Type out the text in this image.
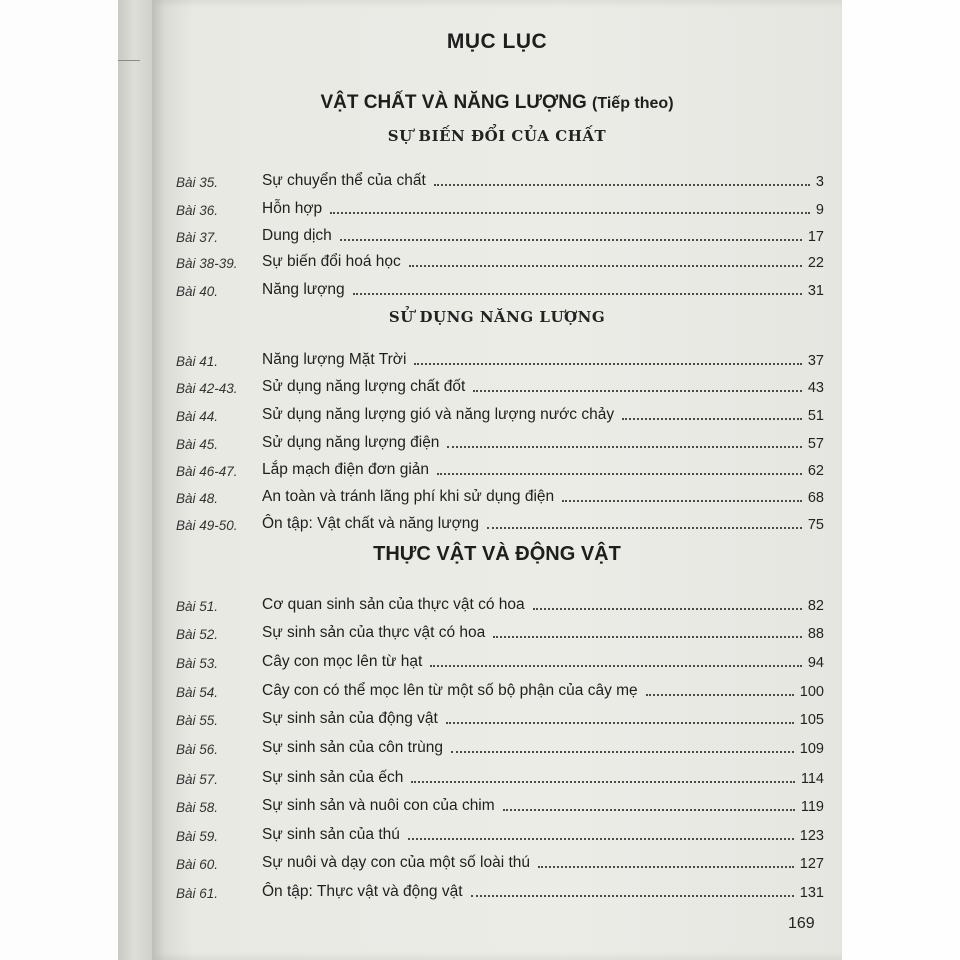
MỤC LỤC
VẬT CHẤT VÀ NĂNG LƯỢNG (Tiếp theo)
SỰ BIẾN ĐỔI CỦA CHẤT
Bài 35.	Sự chuyển thể của chất	3
Bài 36.	Hỗn hợp	9
Bài 37.	Dung dịch	17
Bài 38-39.	Sự biến đổi hoá học	22
Bài 40.	Năng lượng	31
SỬ DỤNG NĂNG LƯỢNG
Bài 41.	Năng lượng Mặt Trời	37
Bài 42-43.	Sử dụng năng lượng chất đốt	43
Bài 44.	Sử dụng năng lượng gió và năng lượng nước chảy	51
Bài 45.	Sử dụng năng lượng điện	57
Bài 46-47.	Lắp mạch điện đơn giản	62
Bài 48.	An toàn và tránh lãng phí khi sử dụng điện	68
Bài 49-50.	Ôn tập: Vật chất và năng lượng	75
THỰC VẬT VÀ ĐỘNG VẬT
Bài 51.	Cơ quan sinh sản của thực vật có hoa	82
Bài 52.	Sự sinh sản của thực vật có hoa	88
Bài 53.	Cây con mọc lên từ hạt	94
Bài 54.	Cây con có thể mọc lên từ một số bộ phận của cây mẹ	100
Bài 55.	Sự sinh sản của động vật	105
Bài 56.	Sự sinh sản của côn trùng	109
Bài 57.	Sự sinh sản của ếch	114
Bài 58.	Sự sinh sản và nuôi con của chim	119
Bài 59.	Sự sinh sản của thú	123
Bài 60.	Sự nuôi và dạy con của một số loài thú	127
Bài 61.	Ôn tập: Thực vật và động vật	131
169
